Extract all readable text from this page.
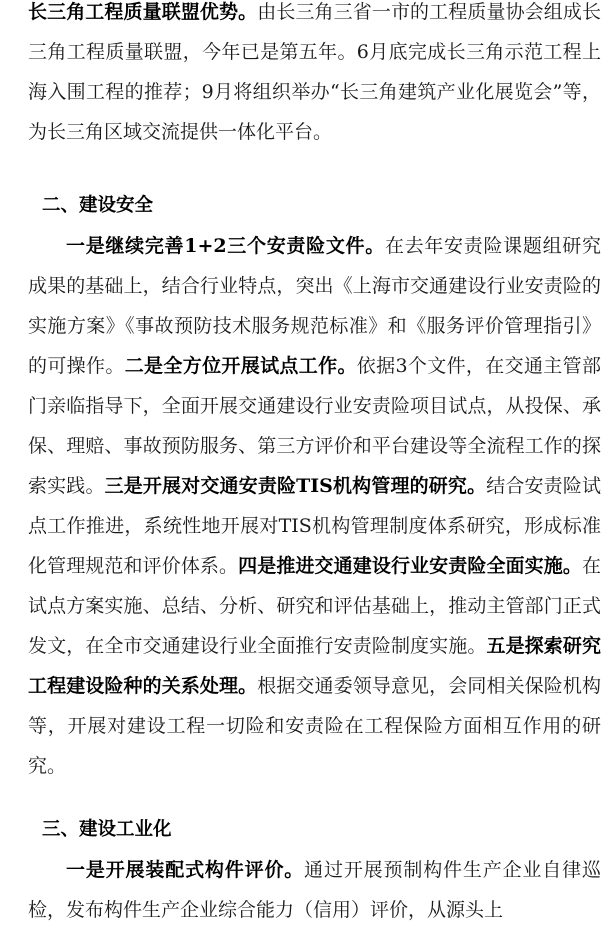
长三角工程质量联盟优势。由长三角三省一市的工程质量协会组成长三角工程质量联盟，今年已是第五年。6月底完成长三角示范工程上海入围工程的推荐；9月将组织举办“长三角建筑产业化展览会”等，为长三角区域交流提供一体化平台。

二、建设安全

一是继续完善1+2三个安责险文件。在去年安责险课题组研究成果的基础上，结合行业特点，突出《上海市交通建设行业安责险的实施方案》《事故预防技术服务规范标准》和《服务评价管理指引》的可操作。二是全方位开展试点工作。依据3个文件，在交通主管部门亲临指导下，全面开展交通建设行业安责险项目试点，从投保、承保、理赔、事故预防服务、第三方评价和平台建设等全流程工作的探索实践。三是开展对交通安责险TIS机构管理的研究。结合安责险试点工作推进，系统性地开展对TIS机构管理制度体系研究，形成标准化管理规范和评价体系。四是推进交通建设行业安责险全面实施。在试点方案实施、总结、分析、研究和评估基础上，推动主管部门正式发文，在全市交通建设行业全面推行安责险制度实施。五是探索研究工程建设险种的关系处理。根据交通委领导意见，会同相关保险机构等，开展对建设工程一切险和安责险在工程保险方面相互作用的研究。

三、建设工业化

一是开展装配式构件评价。通过开展预制构件生产企业自律巡检，发布构件生产企业综合能力（信用）评价，从源头上
